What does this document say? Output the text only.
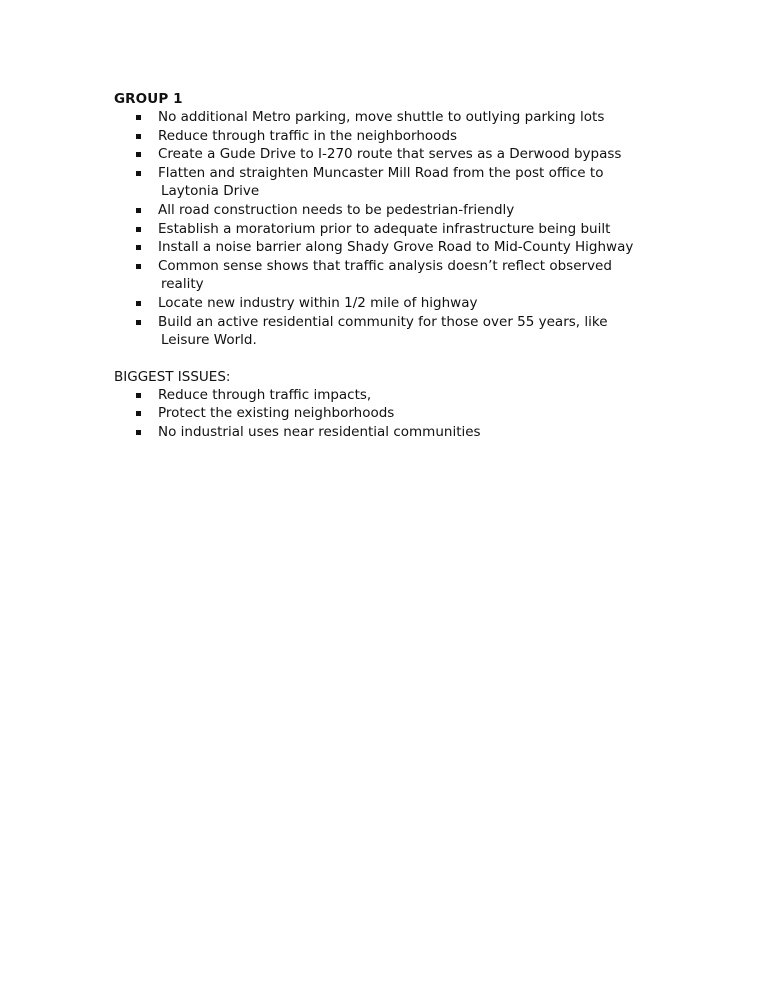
GROUP 1

No additional Metro parking, move shuttle to outlying parking lots
Reduce through traffic in the neighborhoods
Create a Gude Drive to I-270 route that serves as a Derwood bypass
Flatten and straighten Muncaster Mill Road from the post office to
Laytonia Drive
All road construction needs to be pedestrian-friendly
Establish a moratorium prior to adequate infrastructure being built
Install a noise barrier along Shady Grove Road to Mid-County Highway
Common sense shows that traffic analysis doesn’t reflect observed
reality
Locate new industry within 1/2 mile of highway
Build an active residential community for those over 55 years, like
Leisure World.

BIGGEST ISSUES:

Reduce through traffic impacts,
Protect the existing neighborhoods
No industrial uses near residential communities
